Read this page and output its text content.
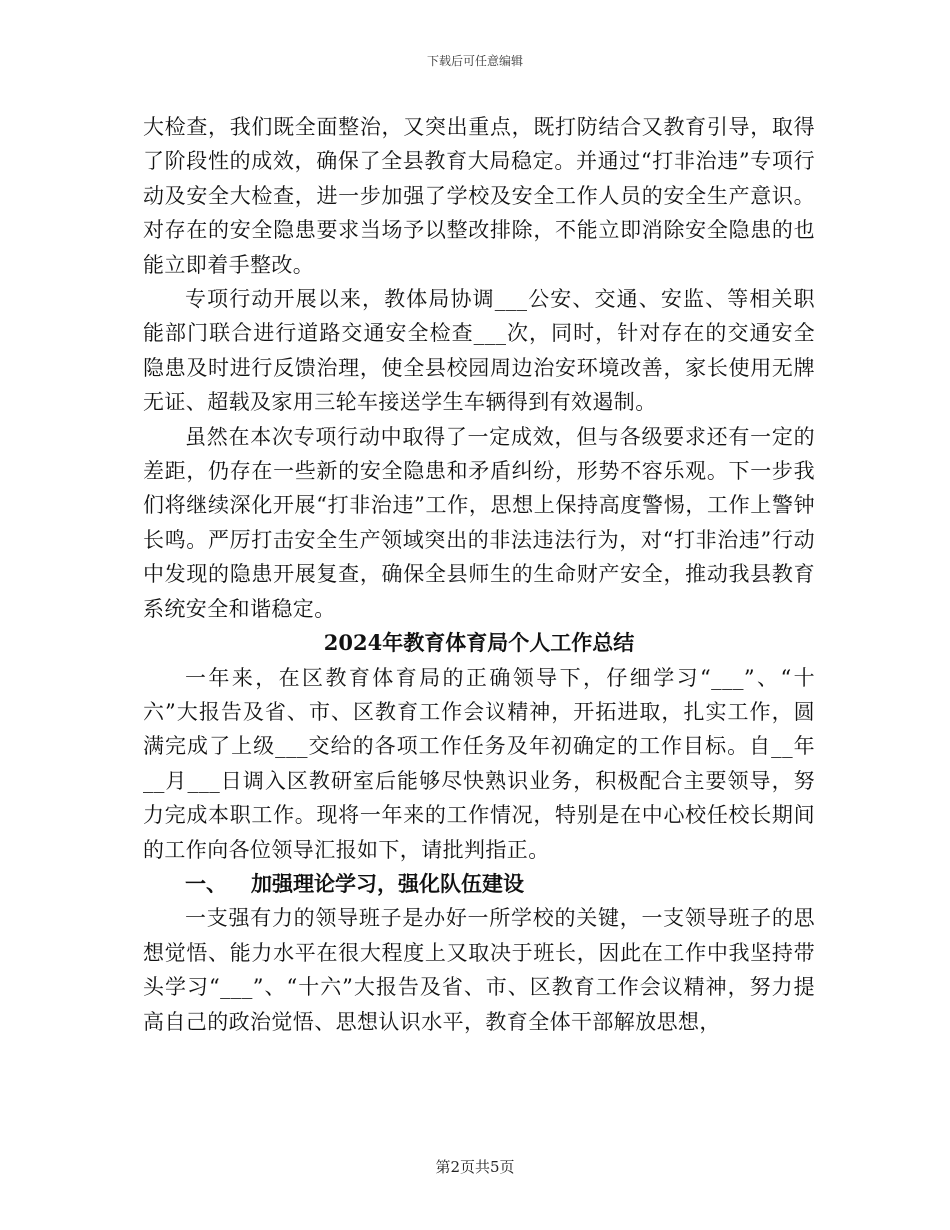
下载后可任意编辑

大检查，我们既全面整治，又突出重点，既打防结合又教育引导，取得了阶段性的成效，确保了全县教育大局稳定。并通过“打非治违”专项行动及安全大检查，进一步加强了学校及安全工作人员的安全生产意识。对存在的安全隐患要求当场予以整改排除，不能立即消除安全隐患的也能立即着手整改。

专项行动开展以来，教体局协调___公安、交通、安监、等相关职能部门联合进行道路交通安全检查___次，同时，针对存在的交通安全隐患及时进行反馈治理，使全县校园周边治安环境改善，家长使用无牌无证、超载及家用三轮车接送学生车辆得到有效遏制。

虽然在本次专项行动中取得了一定成效，但与各级要求还有一定的差距，仍存在一些新的安全隐患和矛盾纠纷，形势不容乐观。下一步我们将继续深化开展“打非治违”工作，思想上保持高度警惕，工作上警钟长鸣。严厉打击安全生产领域突出的非法违法行为，对“打非治违”行动中发现的隐患开展复查，确保全县师生的生命财产安全，推动我县教育系统安全和谐稳定。

2024年教育体育局个人工作总结

一年来，在区教育体育局的正确领导下，仔细学习“___”、“十六”大报告及省、市、区教育工作会议精神，开拓进取，扎实工作，圆满完成了上级___交给的各项工作任务及年初确定的工作目标。自__年__月___日调入区教研室后能够尽快熟识业务，积极配合主要领导，努力完成本职工作。现将一年来的工作情况，特别是在中心校任校长期间的工作向各位领导汇报如下，请批判指正。

一、 加强理论学习，强化队伍建设

一支强有力的领导班子是办好一所学校的关键，一支领导班子的思想觉悟、能力水平在很大程度上又取决于班长，因此在工作中我坚持带头学习“___”、“十六”大报告及省、市、区教育工作会议精神，努力提高自己的政治觉悟、思想认识水平，教育全体干部解放思想，

第2页共5页
